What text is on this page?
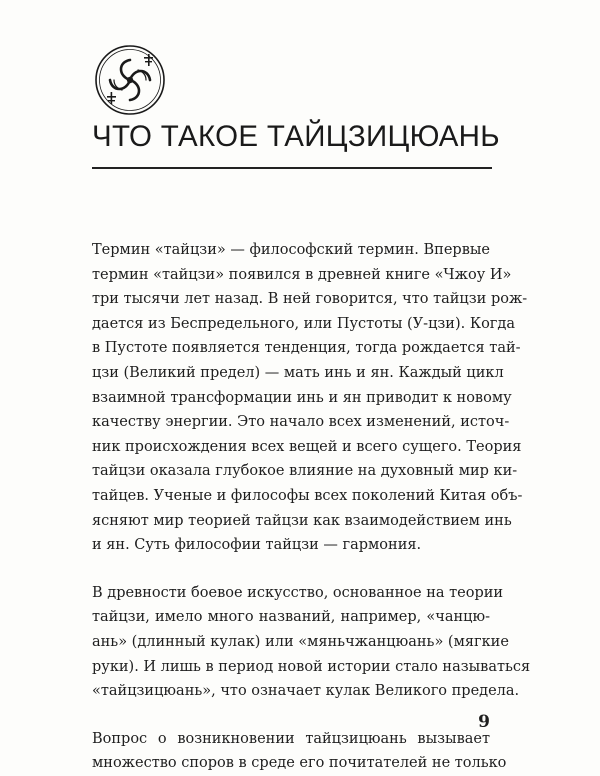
ЧТО ТАКОЕ ТАЙЦЗИЦЮАНЬ
Термин «тайцзи» — философский термин. Впервые
термин «тайцзи» появился в древней книге «Чжоу И»
три тысячи лет назад. В ней говорится, что тайцзи рож-
дается из Беспредельного, или Пустоты (У-цзи). Когда
в Пустоте появляется тенденция, тогда рождается тай-
цзи (Великий предел) — мать инь и ян. Каждый цикл
взаимной трансформации инь и ян приводит к новому
качеству энергии. Это начало всех изменений, источ-
ник происхождения всех вещей и всего сущего. Теория
тайцзи оказала глубокое влияние на духовный мир ки-
тайцев. Ученые и философы всех поколений Китая объ-
ясняют мир теорией тайцзи как взаимодействием инь
и ян. Суть философии тайцзи — гармония.
В древности боевое искусство, основанное на теории
тайцзи, имело много названий, например, «чанцю-
ань» (длинный кулак) или «мяньчжанцюань» (мягкие
руки). И лишь в период новой истории стало называться
«тайцзицюань», что означает кулак Великого предела.
Вопрос о возникновении тайцзицюань вызывает
множество споров в среде его почитателей не только
9
